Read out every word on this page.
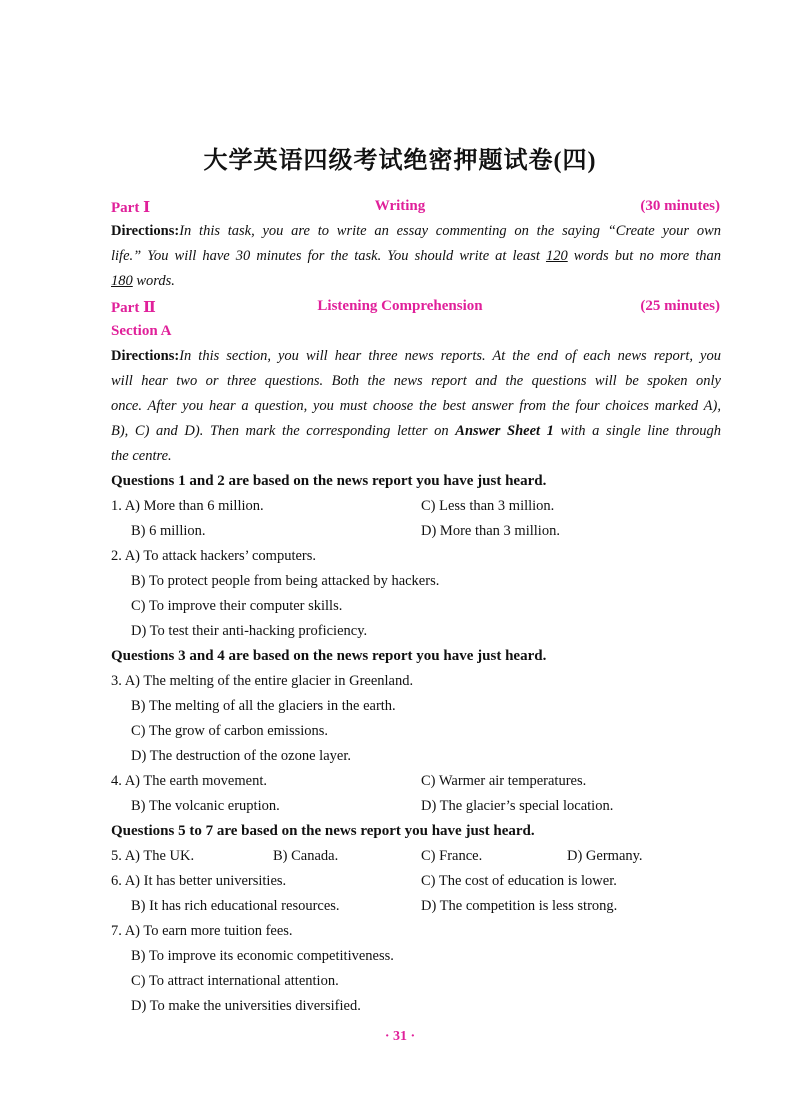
大学英语四级考试绝密押题试卷(四)
Part Ⅰ	Writing	(30 minutes)
Directions:In this task, you are to write an essay commenting on the saying “Create your own
life.” You will have 30 minutes for the task. You should write at least 120 words but no more than
180 words.
Part Ⅱ	Listening Comprehension	(25 minutes)
Section A
Directions:In this section, you will hear three news reports. At the end of each news report, you
will hear two or three questions. Both the news report and the questions will be spoken only
once. After you hear a question, you must choose the best answer from the four choices marked A),
B), C) and D). Then mark the corresponding letter on Answer Sheet 1 with a single line through
the centre.
Questions 1 and 2 are based on the news report you have just heard.
1. A) More than 6 million.	C) Less than 3 million.
B) 6 million.	D) More than 3 million.
2. A) To attack hackers’ computers.
B) To protect people from being attacked by hackers.
C) To improve their computer skills.
D) To test their anti-hacking proficiency.
Questions 3 and 4 are based on the news report you have just heard.
3. A) The melting of the entire glacier in Greenland.
B) The melting of all the glaciers in the earth.
C) The grow of carbon emissions.
D) The destruction of the ozone layer.
4. A) The earth movement.	C) Warmer air temperatures.
B) The volcanic eruption.	D) The glacier’s special location.
Questions 5 to 7 are based on the news report you have just heard.
5. A) The UK.	B) Canada.	C) France.	D) Germany.
6. A) It has better universities.	C) The cost of education is lower.
B) It has rich educational resources.	D) The competition is less strong.
7. A) To earn more tuition fees.
B) To improve its economic competitiveness.
C) To attract international attention.
D) To make the universities diversified.
· 31 ·
